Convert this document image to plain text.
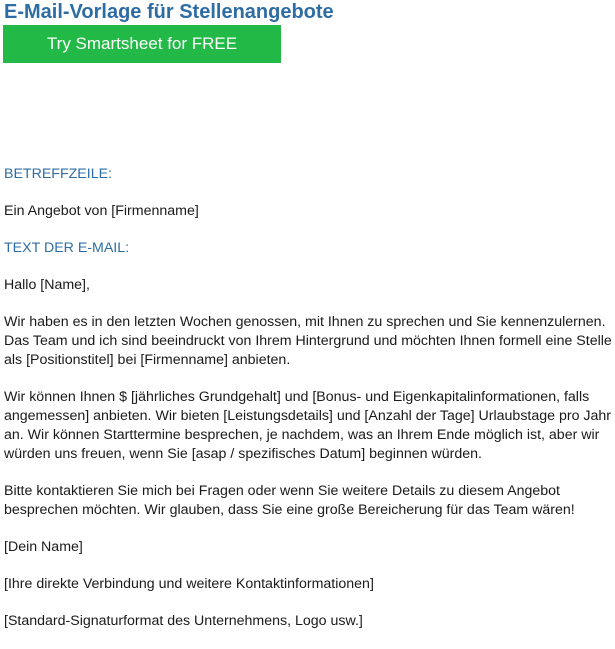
E-Mail-Vorlage für Stellenangebote
Try Smartsheet for FREE

BETREFFZEILE:

Ein Angebot von [Firmenname]

TEXT DER E-MAIL:

Hallo [Name],

Wir haben es in den letzten Wochen genossen, mit Ihnen zu sprechen und Sie kennenzulernen. Das Team und ich sind beeindruckt von Ihrem Hintergrund und möchten Ihnen formell eine Stelle als [Positionstitel] bei [Firmenname] anbieten.

Wir können Ihnen $ [jährliches Grundgehalt] und [Bonus- und Eigenkapitalinformationen, falls angemessen] anbieten. Wir bieten [Leistungsdetails] und [Anzahl der Tage] Urlaubstage pro Jahr an. Wir können Starttermine besprechen, je nachdem, was an Ihrem Ende möglich ist, aber wir würden uns freuen, wenn Sie [asap / spezifisches Datum] beginnen würden.

Bitte kontaktieren Sie mich bei Fragen oder wenn Sie weitere Details zu diesem Angebot besprechen möchten. Wir glauben, dass Sie eine große Bereicherung für das Team wären!

[Dein Name]

[Ihre direkte Verbindung und weitere Kontaktinformationen]

[Standard-Signaturformat des Unternehmens, Logo usw.]
